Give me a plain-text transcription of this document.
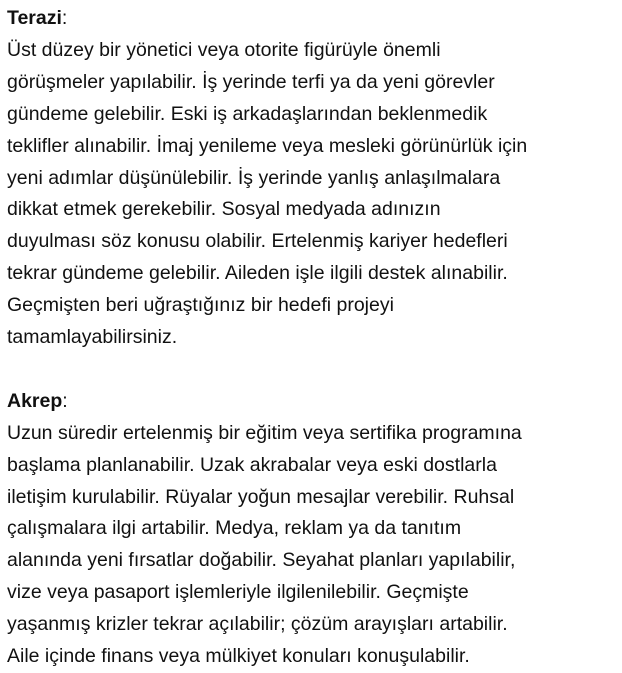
Terazi:
Üst düzey bir yönetici veya otorite figürüyle önemli
görüşmeler yapılabilir. İş yerinde terfi ya da yeni görevler
gündeme gelebilir. Eski iş arkadaşlarından beklenmedik
teklifler alınabilir. İmaj yenileme veya mesleki görünürlük için
yeni adımlar düşünülebilir. İş yerinde yanlış anlaşılmalara
dikkat etmek gerekebilir. Sosyal medyada adınızın
duyulması söz konusu olabilir. Ertelenmiş kariyer hedefleri
tekrar gündeme gelebilir. Aileden işle ilgili destek alınabilir.
Geçmişten beri uğraştığınız bir hedefi projeyi
tamamlayabilirsiniz.
Akrep:
Uzun süredir ertelenmiş bir eğitim veya sertifika programına
başlama planlanabilir. Uzak akrabalar veya eski dostlarla
iletişim kurulabilir. Rüyalar yoğun mesajlar verebilir. Ruhsal
çalışmalara ilgi artabilir. Medya, reklam ya da tanıtım
alanında yeni fırsatlar doğabilir. Seyahat planları yapılabilir,
vize veya pasaport işlemleriyle ilgilenilebilir. Geçmişte
yaşanmış krizler tekrar açılabilir; çözüm arayışları artabilir.
Aile içinde finans veya mülkiyet konuları konuşulabilir.
